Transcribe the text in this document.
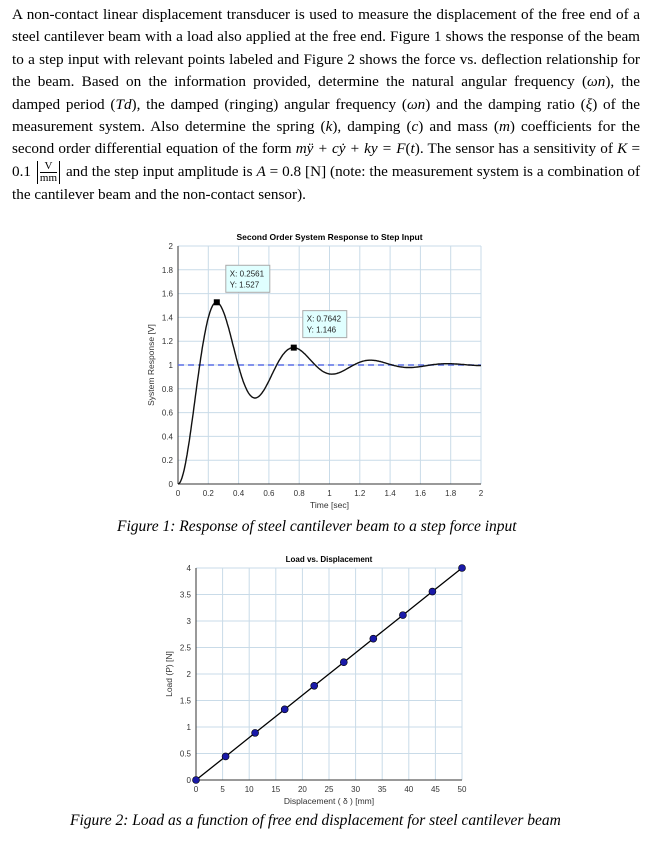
A non-contact linear displacement transducer is used to measure the displacement of the free end of a steel cantilever beam with a load also applied at the free end. Figure 1 shows the response of the beam to a step input with relevant points labeled and Figure 2 shows the force vs. deflection relationship for the beam. Based on the information provided, determine the natural angular frequency (ωn), the damped period (Td), the damped (ringing) angular frequency (ωn) and the damping ratio (ξ) of the measurement system. Also determine the spring (k), damping (c) and mass (m) coefficients for the second order differential equation of the form mÿ + cẏ + ky = F(t). The sensor has a sensitivity of $K = 0.1 \frac{V}{mm}$ and the step input amplitude is A = 0.8 [N] (note: the measurement system is a combination of the cantilever beam and the non-contact sensor).
0	0.2 0.4 0.6 0.8	1	1.2 1.4 1.6 1.8	2
0
0.2
0.4
0.6
0.8
1
1.2
1.4
1.6
1.8
2
Second Order System Response to Step Input
Time [sec]
System Response [V]
X: 0.2561
Y: 1.527
X: 0.7642
Y: 1.146
Figure 1: Response of steel cantilever beam to a step force input
0	5 10 15 20 25 30 35 40 45 50
0
0.5
1
1.5
2
2.5
3
3.5
4
Load vs. Displacement
Displacement ( δ ) [mm]
Load (P) [N]
Figure 2: Load as a function of free end displacement for steel cantilever beam
